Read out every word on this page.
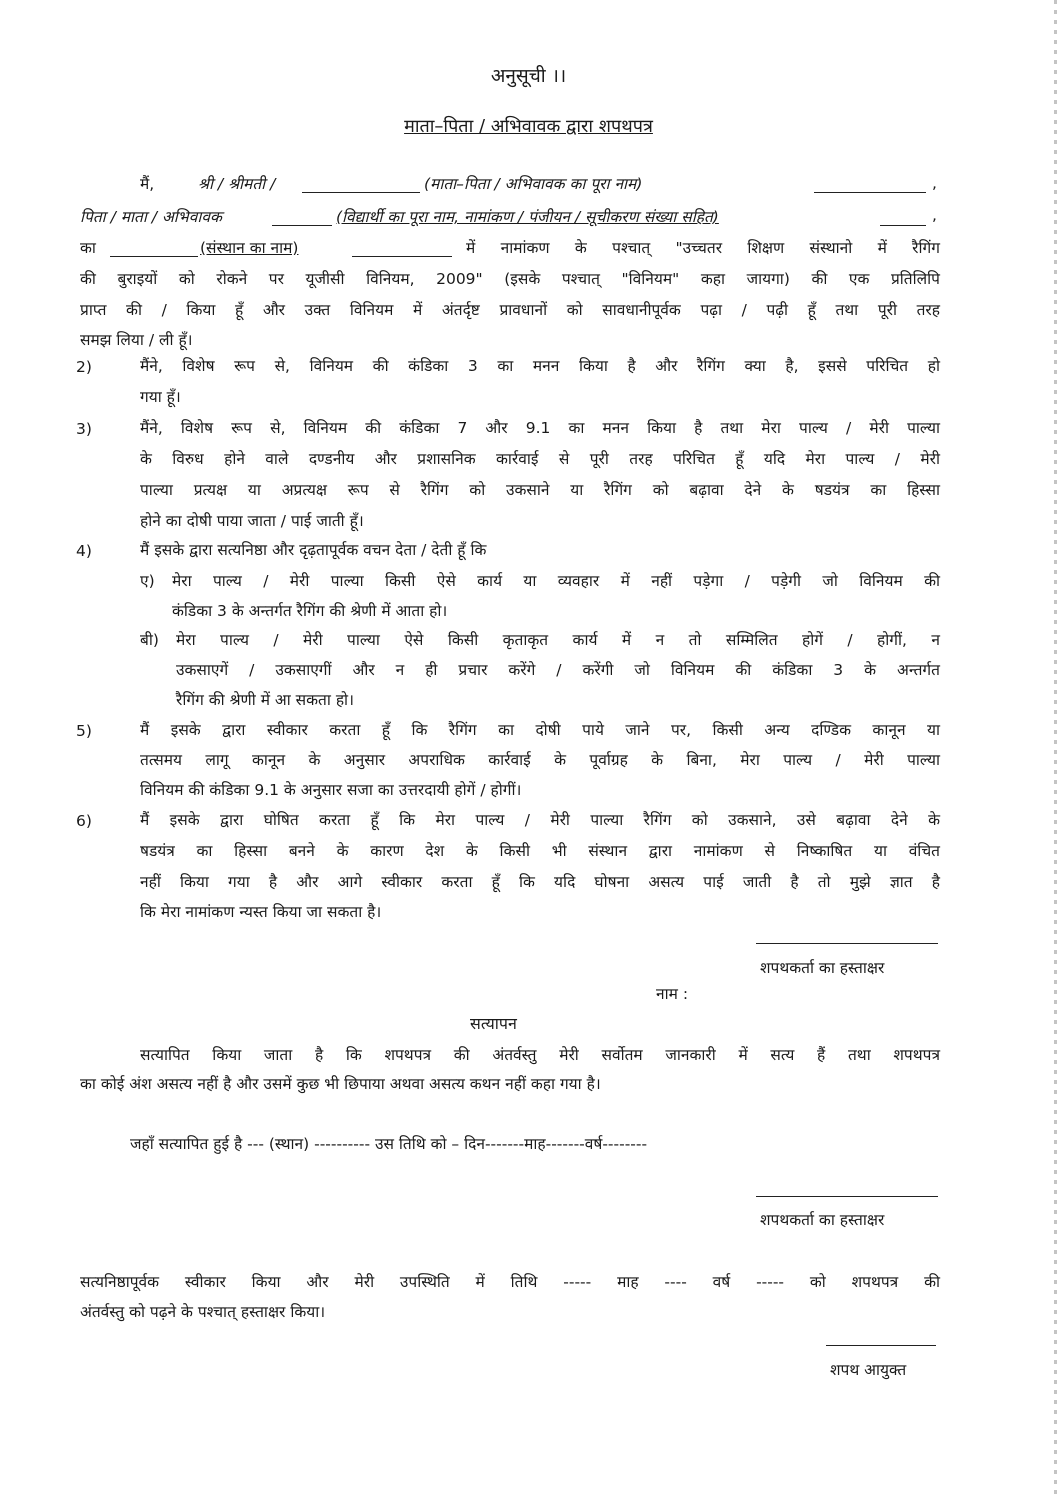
अनुसूची ।।
माता–पिता / अभिवावक द्वारा शपथपत्र
मैं,	श्री / श्रीमती /	(माता–पिता / अभिवावक का पूरा नाम)	,
पिता / माता / अभिवावक	(विद्यार्थी का पूरा नाम, नामांकण / पंजीयन / सूचीकरण संख्या सहित)	,
का	(संस्थान का नाम)	में नामांकण के पश्चात् "उच्चतर शिक्षण संस्थानो में रैगिंग
की बुराइयों को रोकने पर यूजीसी विनियम, 2009" (इसके पश्चात् "विनियम" कहा जायगा) की एक प्रतिलिपि
प्राप्त की / किया हूँ और उक्त विनियम में अंतर्दृष्ट प्रावधानों को सावधानीपूर्वक पढ़ा / पढ़ी हूँ तथा पूरी तरह
समझ लिया / ली हूँ।
2)	मैंने, विशेष रूप से, विनियम की कंडिका 3 का मनन किया है और रैगिंग क्या है, इससे परिचित हो
गया हूँ।
3)	मैंने, विशेष रूप से, विनियम की कंडिका 7 और 9.1 का मनन किया है तथा मेरा पाल्य / मेरी पाल्या
के विरुध होने वाले दण्डनीय और प्रशासनिक कार्रवाई से पूरी तरह परिचित हूँ यदि मेरा पाल्य / मेरी
पाल्या प्रत्यक्ष या अप्रत्यक्ष रूप से रैगिंग को उकसाने या रैगिंग को बढ़ावा देने के षडयंत्र का हिस्सा
होने का दोषी पाया जाता / पाई जाती हूँ।
4)	मैं इसके द्वारा सत्यनिष्ठा और दृढ़तापूर्वक वचन देता / देती हूँ कि
ए) मेरा पाल्य / मेरी पाल्या किसी ऐसे कार्य या व्यवहार में नहीं पड़ेगा / पड़ेगी जो विनियम की
कंडिका 3 के अन्तर्गत रैगिंग की श्रेणी में आता हो।
बी) मेरा पाल्य / मेरी पाल्या ऐसे किसी कृताकृत कार्य में न तो सम्मिलित होगें / होगीं, न
उकसाएगें / उकसाएगीं और न ही प्रचार करेंगे / करेंगी जो विनियम की कंडिका 3 के अन्तर्गत
रैगिंग की श्रेणी में आ सकता हो।
5)	मैं इसके द्वारा स्वीकार करता हूँ कि रैगिंग का दोषी पाये जाने पर, किसी अन्य दण्डिक कानून या
तत्समय लागू कानून के अनुसार अपराधिक कार्रवाई के पूर्वाग्रह के बिना, मेरा पाल्य / मेरी पाल्या
विनियम की कंडिका 9.1 के अनुसार सजा का उत्तरदायी होगें / होगीं।
6)	मैं इसके द्वारा घोषित करता हूँ कि मेरा पाल्य / मेरी पाल्या रैगिंग को उकसाने, उसे बढ़ावा देने के
षडयंत्र का हिस्सा बनने के कारण देश के किसी भी संस्थान द्वारा नामांकण से निष्काषित या वंचित
नहीं किया गया है और आगे स्वीकार करता हूँ कि यदि घोषना असत्य पाई जाती है तो मुझे ज्ञात है
कि मेरा नामांकण न्यस्त किया जा सकता है।
शपथकर्ता का हस्ताक्षर
नाम :
सत्यापन
सत्यापित किया जाता है कि शपथपत्र की अंतर्वस्तु मेरी सर्वोतम जानकारी में सत्य हैं तथा शपथपत्र
का कोई अंश असत्य नहीं है और उसमें कुछ भी छिपाया अथवा असत्य कथन नहीं कहा गया है।
जहाँ सत्यापित हुई है --- (स्थान) ---------- उस तिथि को – दिन-------माह-------वर्ष--------
शपथकर्ता का हस्ताक्षर
सत्यनिष्ठापूर्वक स्वीकार किया और मेरी उपस्थिति में तिथि ----- माह ---- वर्ष ----- को शपथपत्र की
अंतर्वस्तु को पढ़ने के पश्चात् हस्ताक्षर किया।
शपथ आयुक्त
